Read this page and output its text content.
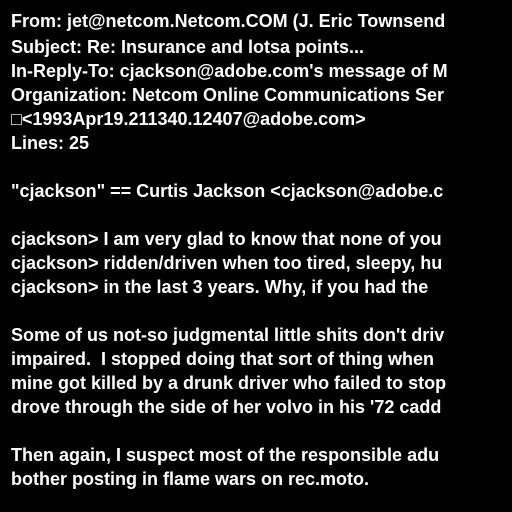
From: jet@netcom.Netcom.COM (J. Eric Townsend
Subject: Re: Insurance and lotsa points...
In-Reply-To: cjackson@adobe.com's message of M
Organization: Netcom Online Communications Ser
□<1993Apr19.211340.12407@adobe.com>
Lines: 25
"cjackson" == Curtis Jackson <cjackson@adobe.c
cjackson> I am very glad to know that none of you
cjackson> ridden/driven when too tired, sleepy, hu
cjackson> in the last 3 years. Why, if you had the
Some of us not-so judgmental little shits don't driv
impaired.  I stopped doing that sort of thing when
mine got killed by a drunk driver who failed to stop
drove through the side of her volvo in his '72 cadd
Then again, I suspect most of the responsible adu
bother posting in flame wars on rec.moto.
